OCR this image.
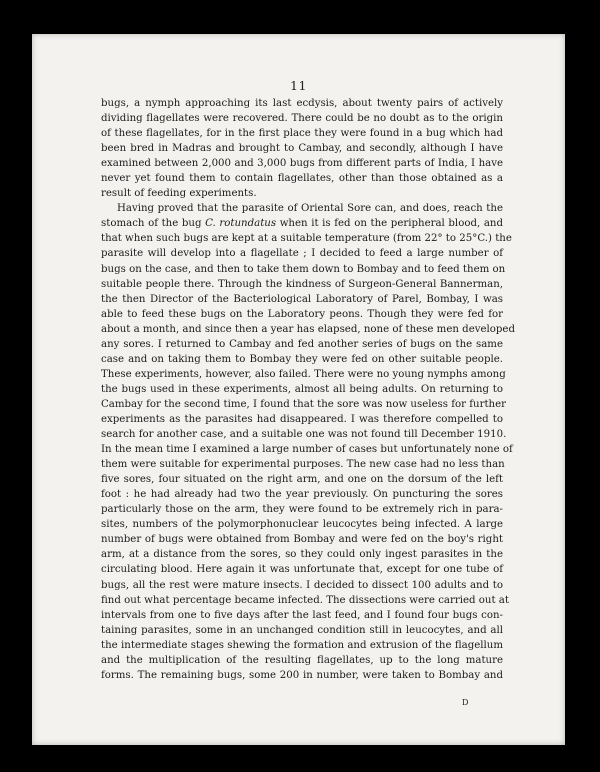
11
bugs, a nymph approaching its last ecdysis, about twenty pairs of actively
dividing flagellates were recovered. There could be no doubt as to the origin
of these flagellates, for in the first place they were found in a bug which had
been bred in Madras and brought to Cambay, and secondly, although I have
examined between 2,000 and 3,000 bugs from different parts of India, I have
never yet found them to contain flagellates, other than those obtained as a
result of feeding experiments.
Having proved that the parasite of Oriental Sore can, and does, reach the
stomach of the bug C. rotundatus when it is fed on the peripheral blood, and
that when such bugs are kept at a suitable temperature (from 22° to 25°C.) the
parasite will develop into a flagellate ; I decided to feed a large number of
bugs on the case, and then to take them down to Bombay and to feed them on
suitable people there. Through the kindness of Surgeon-General Bannerman,
the then Director of the Bacteriological Laboratory of Parel, Bombay, I was
able to feed these bugs on the Laboratory peons. Though they were fed for
about a month, and since then a year has elapsed, none of these men developed
any sores. I returned to Cambay and fed another series of bugs on the same
case and on taking them to Bombay they were fed on other suitable people.
These experiments, however, also failed. There were no young nymphs among
the bugs used in these experiments, almost all being adults. On returning to
Cambay for the second time, I found that the sore was now useless for further
experiments as the parasites had disappeared. I was therefore compelled to
search for another case, and a suitable one was not found till December 1910.
In the mean time I examined a large number of cases but unfortunately none of
them were suitable for experimental purposes. The new case had no less than
five sores, four situated on the right arm, and one on the dorsum of the left
foot : he had already had two the year previously. On puncturing the sores
particularly those on the arm, they were found to be extremely rich in para-
sites, numbers of the polymorphonuclear leucocytes being infected. A large
number of bugs were obtained from Bombay and were fed on the boy's right
arm, at a distance from the sores, so they could only ingest parasites in the
circulating blood. Here again it was unfortunate that, except for one tube of
bugs, all the rest were mature insects. I decided to dissect 100 adults and to
find out what percentage became infected. The dissections were carried out at
intervals from one to five days after the last feed, and I found four bugs con-
taining parasites, some in an unchanged condition still in leucocytes, and all
the intermediate stages shewing the formation and extrusion of the flagellum
and the multiplication of the resulting flagellates, up to the long mature
forms. The remaining bugs, some 200 in number, were taken to Bombay and
D
